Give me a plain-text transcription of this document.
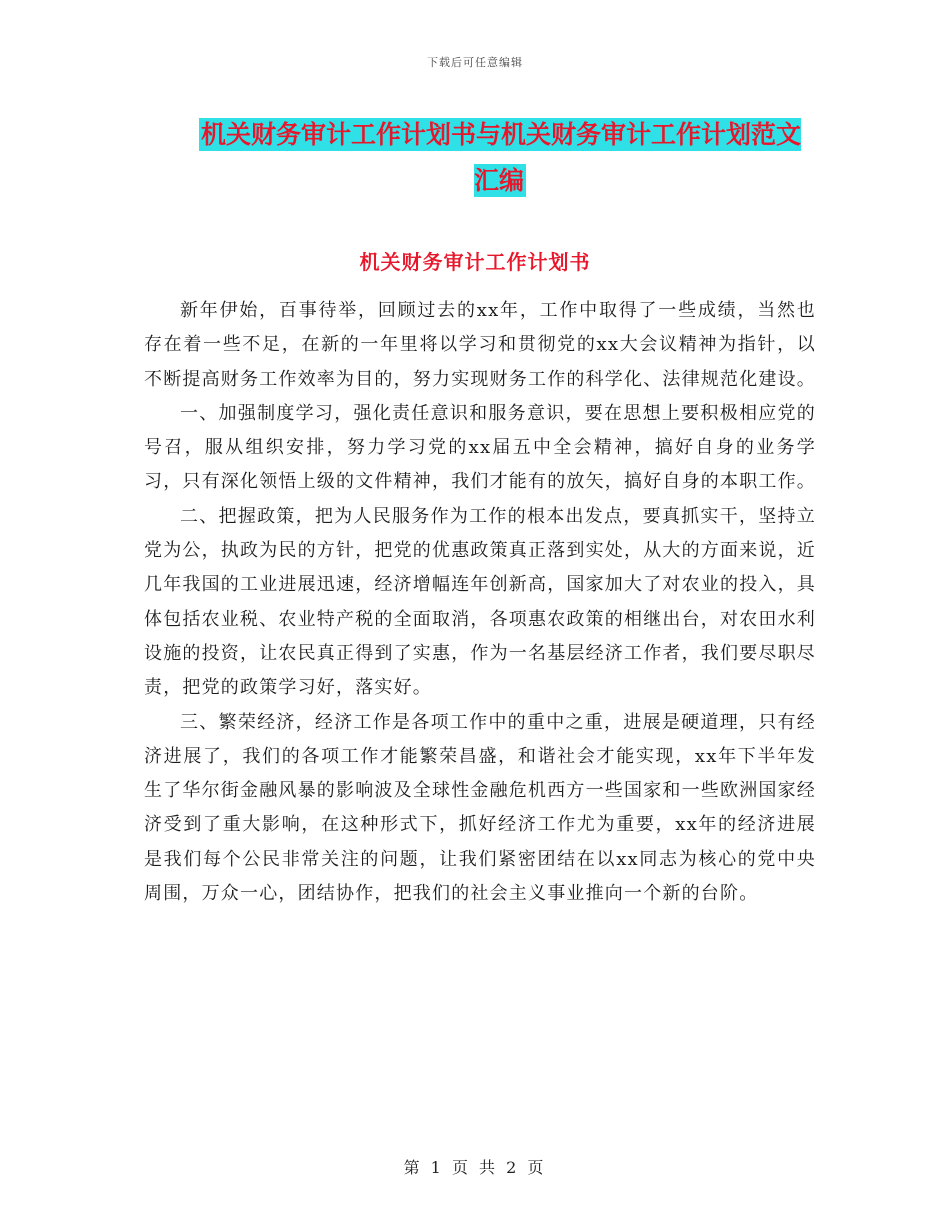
下载后可任意编辑
机关财务审计工作计划书与机关财务审计工作计划范文汇编
机关财务审计工作计划书

新年伊始，百事待举，回顾过去的xx年，工作中取得了一些成绩，当然也存在着一些不足，在新的一年里将以学习和贯彻党的xx大会议精神为指针，以不断提高财务工作效率为目的，努力实现财务工作的科学化、法律规范化建设。

一、加强制度学习，强化责任意识和服务意识，要在思想上要积极相应党的号召，服从组织安排，努力学习党的xx届五中全会精神，搞好自身的业务学习，只有深化领悟上级的文件精神，我们才能有的放矢，搞好自身的本职工作。

二、把握政策，把为人民服务作为工作的根本出发点，要真抓实干，坚持立党为公，执政为民的方针，把党的优惠政策真正落到实处，从大的方面来说，近几年我国的工业进展迅速，经济增幅连年创新高，国家加大了对农业的投入，具体包括农业税、农业特产税的全面取消，各项惠农政策的相继出台，对农田水利设施的投资，让农民真正得到了实惠，作为一名基层经济工作者，我们要尽职尽责，把党的政策学习好，落实好。

三、繁荣经济，经济工作是各项工作中的重中之重，进展是硬道理，只有经济进展了，我们的各项工作才能繁荣昌盛，和谐社会才能实现，xx年下半年发生了华尔街金融风暴的影响波及全球性金融危机西方一些国家和一些欧洲国家经济受到了重大影响，在这种形式下，抓好经济工作尤为重要，xx年的经济进展是我们每个公民非常关注的问题，让我们紧密团结在以xx同志为核心的党中央周围，万众一心，团结协作，把我们的社会主义事业推向一个新的台阶。

第 1 页 共 2 页
